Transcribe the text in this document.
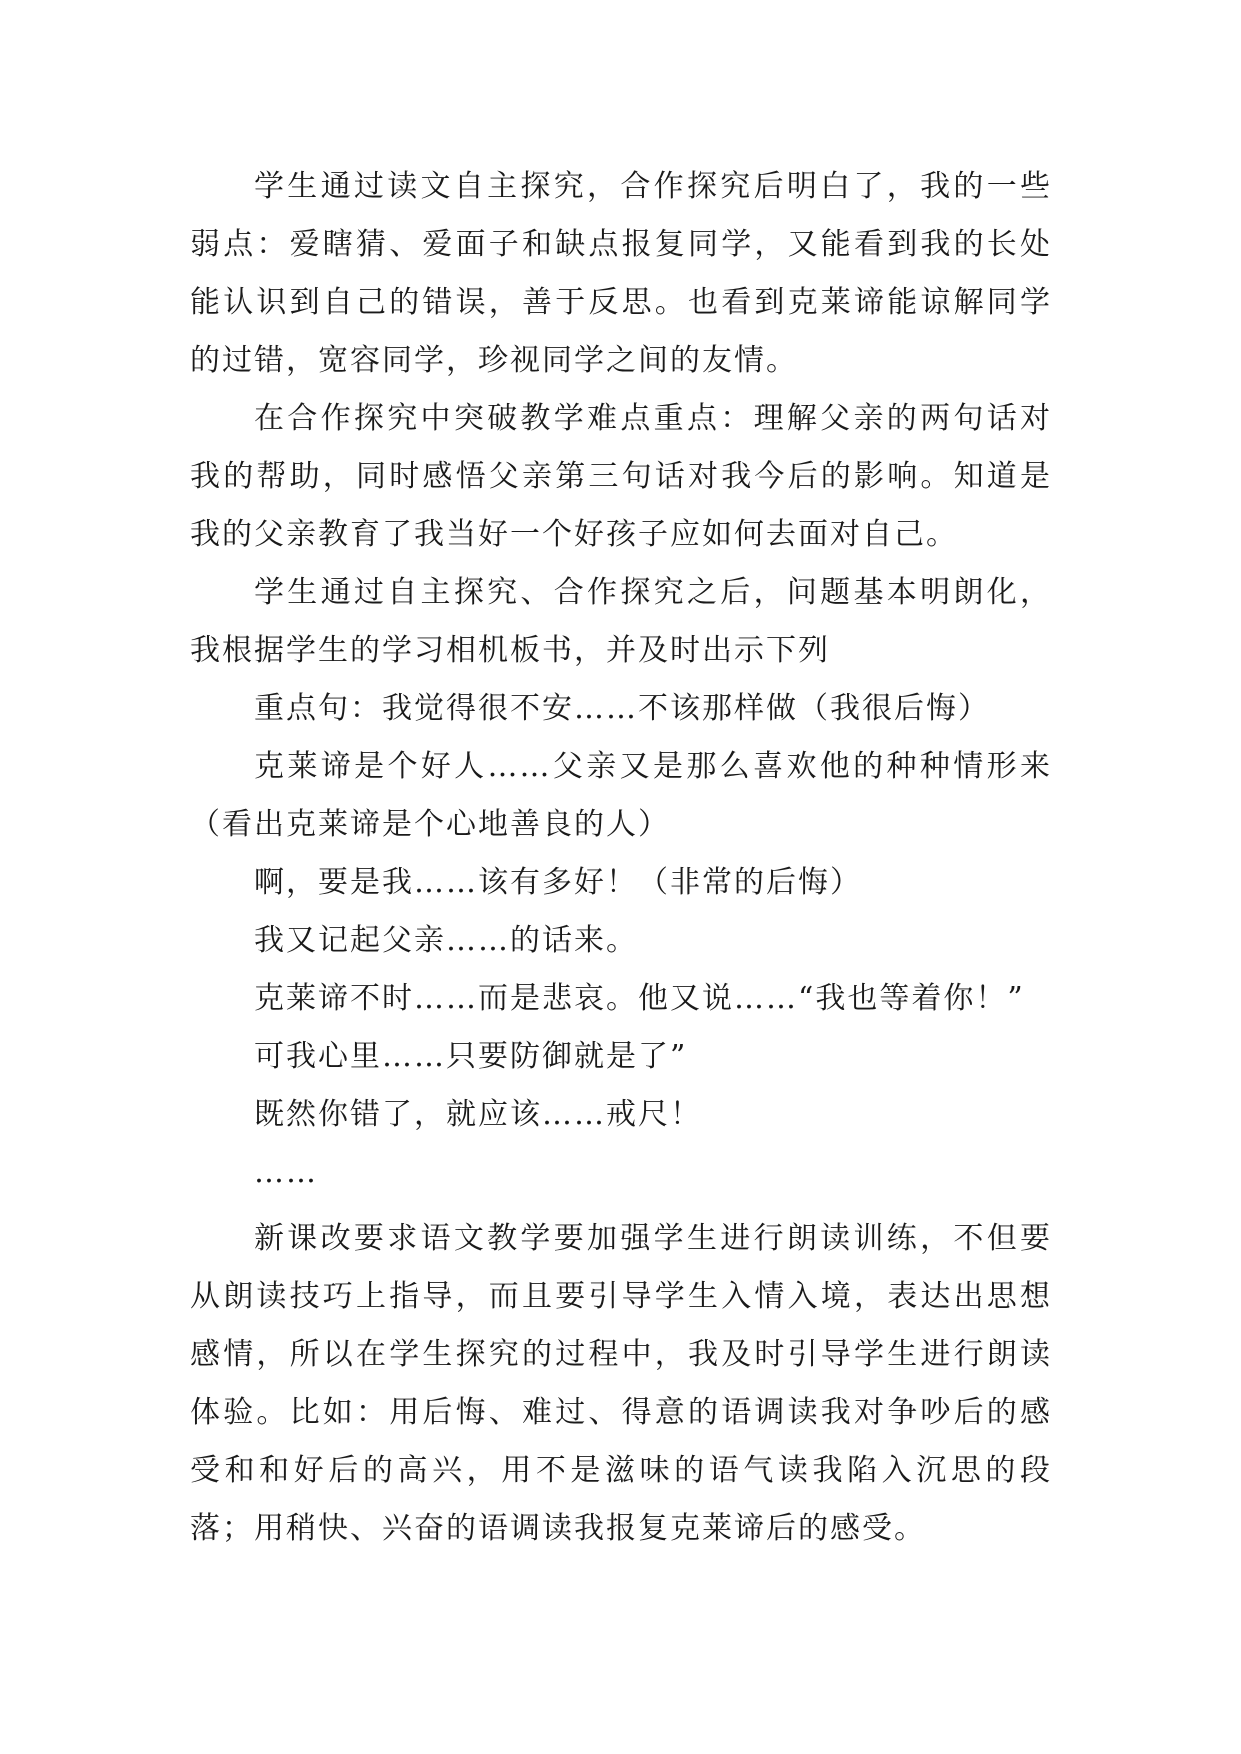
学生通过读文自主探究，合作探究后明白了，我的一些弱点：爱瞎猜、爱面子和缺点报复同学，又能看到我的长处能认识到自己的错误，善于反思。也看到克莱谛能谅解同学的过错，宽容同学，珍视同学之间的友情。

在合作探究中突破教学难点重点：理解父亲的两句话对我的帮助，同时感悟父亲第三句话对我今后的影响。知道是我的父亲教育了我当好一个好孩子应如何去面对自己。

学生通过自主探究、合作探究之后，问题基本明朗化，我根据学生的学习相机板书，并及时出示下列

重点句：我觉得很不安……不该那样做（我很后悔）

克莱谛是个好人……父亲又是那么喜欢他的种种情形来（看出克莱谛是个心地善良的人）

啊，要是我……该有多好！（非常的后悔）

我又记起父亲……的话来。

克莱谛不时……而是悲哀。他又说……“我也等着你！”

可我心里……只要防御就是了”

既然你错了，就应该……戒尺！

……

新课改要求语文教学要加强学生进行朗读训练，不但要从朗读技巧上指导，而且要引导学生入情入境，表达出思想感情，所以在学生探究的过程中，我及时引导学生进行朗读体验。比如：用后悔、难过、得意的语调读我对争吵后的感受和和好后的高兴，用不是滋味的语气读我陷入沉思的段落；用稍快、兴奋的语调读我报复克莱谛后的感受。
